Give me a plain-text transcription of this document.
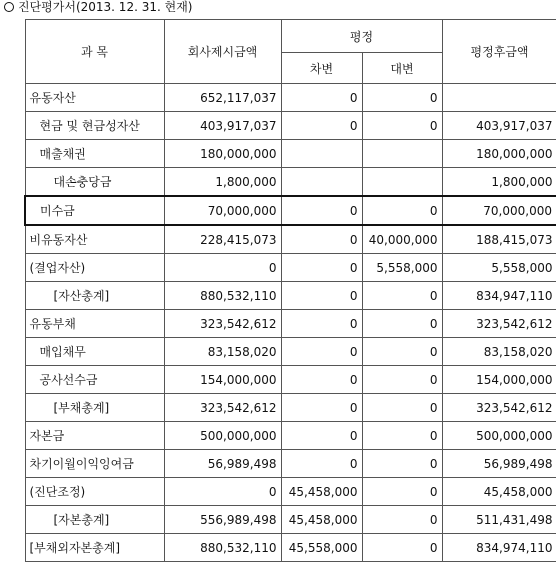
진단평가서(2013. 12. 31. 현재)
과 목	회사제시금액	평정		평정후금액
		차변	대변	
유동자산	652,117,037	0	0	
현금 및 현금성자산	403,917,037	0	0	403,917,037
매출채권	180,000,000			180,000,000
대손충당금	1,800,000			1,800,000
미수금	70,000,000	0	0	70,000,000
비유동자산	228,415,073	0	40,000,000	188,415,073
(결업자산)	0	0	5,558,000	5,558,000
[자산총계]	880,532,110	0	0	834,947,110
유동부채	323,542,612	0	0	323,542,612
매입채무	83,158,020	0	0	83,158,020
공사선수금	154,000,000	0	0	154,000,000
[부채총계]	323,542,612	0	0	323,542,612
자본금	500,000,000	0	0	500,000,000
차기이월이익잉여금	56,989,498	0	0	56,989,498
(진단조정)	0	45,458,000	0	45,458,000
[자본총계]	556,989,498	45,458,000	0	511,431,498
[부채외자본총계]	880,532,110	45,558,000	0	834,974,110
